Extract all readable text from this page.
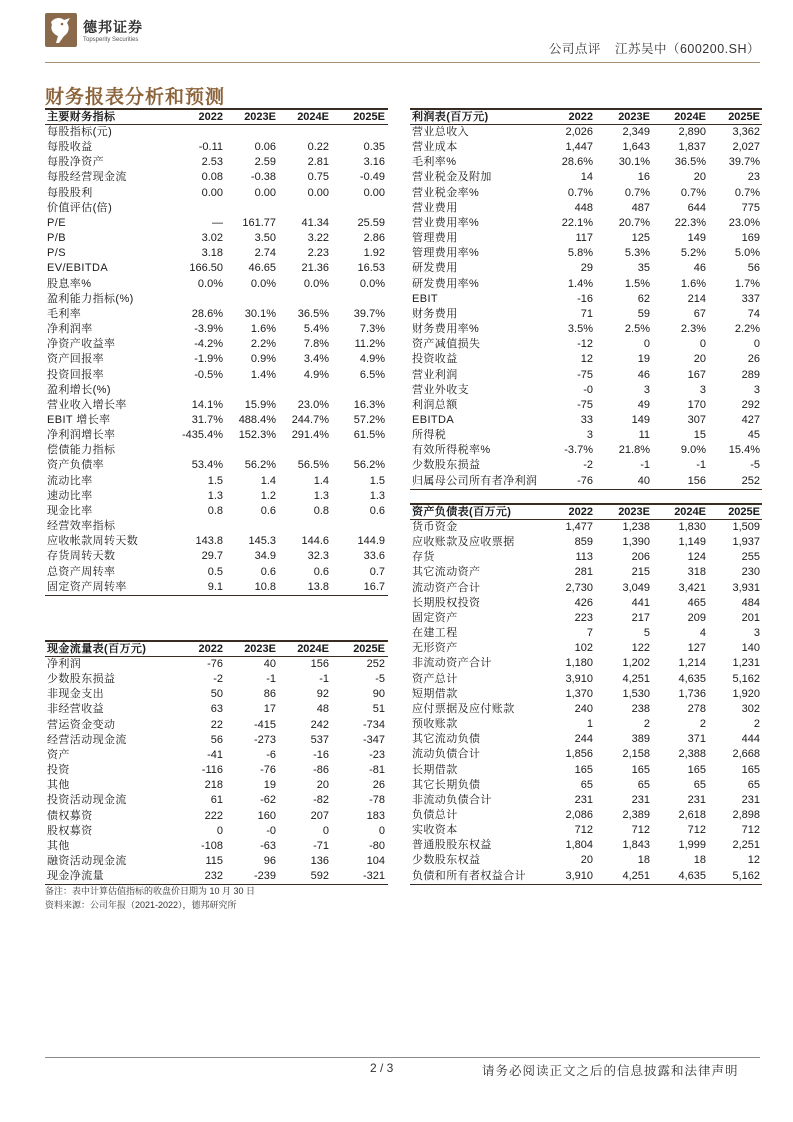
德邦证券
Topsperity Securities
公司点评 江苏吴中（600200.SH）
财务报表分析和预测
主要财务指标	2022	2023E	2024E	2025E
每股指标(元)
每股收益	-0.11	0.06	0.22	0.35
每股净资产	2.53	2.59	2.81	3.16
每股经营现金流	0.08	-0.38	0.75	-0.49
每股股利	0.00	0.00	0.00	0.00
价值评估(倍)
P/E	—	161.77	41.34	25.59
P/B	3.02	3.50	3.22	2.86
P/S	3.18	2.74	2.23	1.92
EV/EBITDA	166.50	46.65	21.36	16.53
股息率%	0.0%	0.0%	0.0%	0.0%
盈利能力指标(%)
毛利率	28.6%	30.1%	36.5%	39.7%
净利润率	-3.9%	1.6%	5.4%	7.3%
净资产收益率	-4.2%	2.2%	7.8%	11.2%
资产回报率	-1.9%	0.9%	3.4%	4.9%
投资回报率	-0.5%	1.4%	4.9%	6.5%
盈利增长(%)
营业收入增长率	14.1%	15.9%	23.0%	16.3%
EBIT 增长率	31.7%	488.4%	244.7%	57.2%
净利润增长率	-435.4%	152.3%	291.4%	61.5%
偿债能力指标
资产负债率	53.4%	56.2%	56.5%	56.2%
流动比率	1.5	1.4	1.4	1.5
速动比率	1.3	1.2	1.3	1.3
现金比率	0.8	0.6	0.8	0.6
经营效率指标
应收帐款周转天数	143.8	145.3	144.6	144.9
存货周转天数	29.7	34.9	32.3	33.6
总资产周转率	0.5	0.6	0.6	0.7
固定资产周转率	9.1	10.8	13.8	16.7
利润表(百万元)	2022	2023E	2024E	2025E
营业总收入	2,026	2,349	2,890	3,362
营业成本	1,447	1,643	1,837	2,027
毛利率%	28.6%	30.1%	36.5%	39.7%
营业税金及附加	14	16	20	23
营业税金率%	0.7%	0.7%	0.7%	0.7%
营业费用	448	487	644	775
营业费用率%	22.1%	20.7%	22.3%	23.0%
管理费用	117	125	149	169
管理费用率%	5.8%	5.3%	5.2%	5.0%
研发费用	29	35	46	56
研发费用率%	1.4%	1.5%	1.6%	1.7%
EBIT	-16	62	214	337
财务费用	71	59	67	74
财务费用率%	3.5%	2.5%	2.3%	2.2%
资产减值损失	-12	0	0	0
投资收益	12	19	20	26
营业利润	-75	46	167	289
营业外收支	-0	3	3	3
利润总额	-75	49	170	292
EBITDA	33	149	307	427
所得税	3	11	15	45
有效所得税率%	-3.7%	21.8%	9.0%	15.4%
少数股东损益	-2	-1	-1	-5
归属母公司所有者净利润	-76	40	156	252
资产负债表(百万元)	2022	2023E	2024E	2025E
货币资金	1,477	1,238	1,830	1,509
应收账款及应收票据	859	1,390	1,149	1,937
存货	113	206	124	255
其它流动资产	281	215	318	230
流动资产合计	2,730	3,049	3,421	3,931
长期股权投资	426	441	465	484
固定资产	223	217	209	201
在建工程	7	5	4	3
无形资产	102	122	127	140
非流动资产合计	1,180	1,202	1,214	1,231
资产总计	3,910	4,251	4,635	5,162
短期借款	1,370	1,530	1,736	1,920
应付票据及应付账款	240	238	278	302
预收账款	1	2	2	2
其它流动负债	244	389	371	444
流动负债合计	1,856	2,158	2,388	2,668
长期借款	165	165	165	165
其它长期负债	65	65	65	65
非流动负债合计	231	231	231	231
负债总计	2,086	2,389	2,618	2,898
实收资本	712	712	712	712
普通股股东权益	1,804	1,843	1,999	2,251
少数股东权益	20	18	18	12
负债和所有者权益合计	3,910	4,251	4,635	5,162
现金流量表(百万元)	2022	2023E	2024E	2025E
净利润	-76	40	156	252
少数股东损益	-2	-1	-1	-5
非现金支出	50	86	92	90
非经营收益	63	17	48	51
营运资金变动	22	-415	242	-734
经营活动现金流	56	-273	537	-347
资产	-41	-6	-16	-23
投资	-116	-76	-86	-81
其他	218	19	20	26
投资活动现金流	61	-62	-82	-78
债权募资	222	160	207	183
股权募资	0	-0	0	0
其他	-108	-63	-71	-80
融资活动现金流	115	96	136	104
现金净流量	232	-239	592	-321
备注：表中计算估值指标的收盘价日期为 10 月 30 日
资料来源：公司年报（2021-2022），德邦研究所
2 / 3	请务必阅读正文之后的信息披露和法律声明
